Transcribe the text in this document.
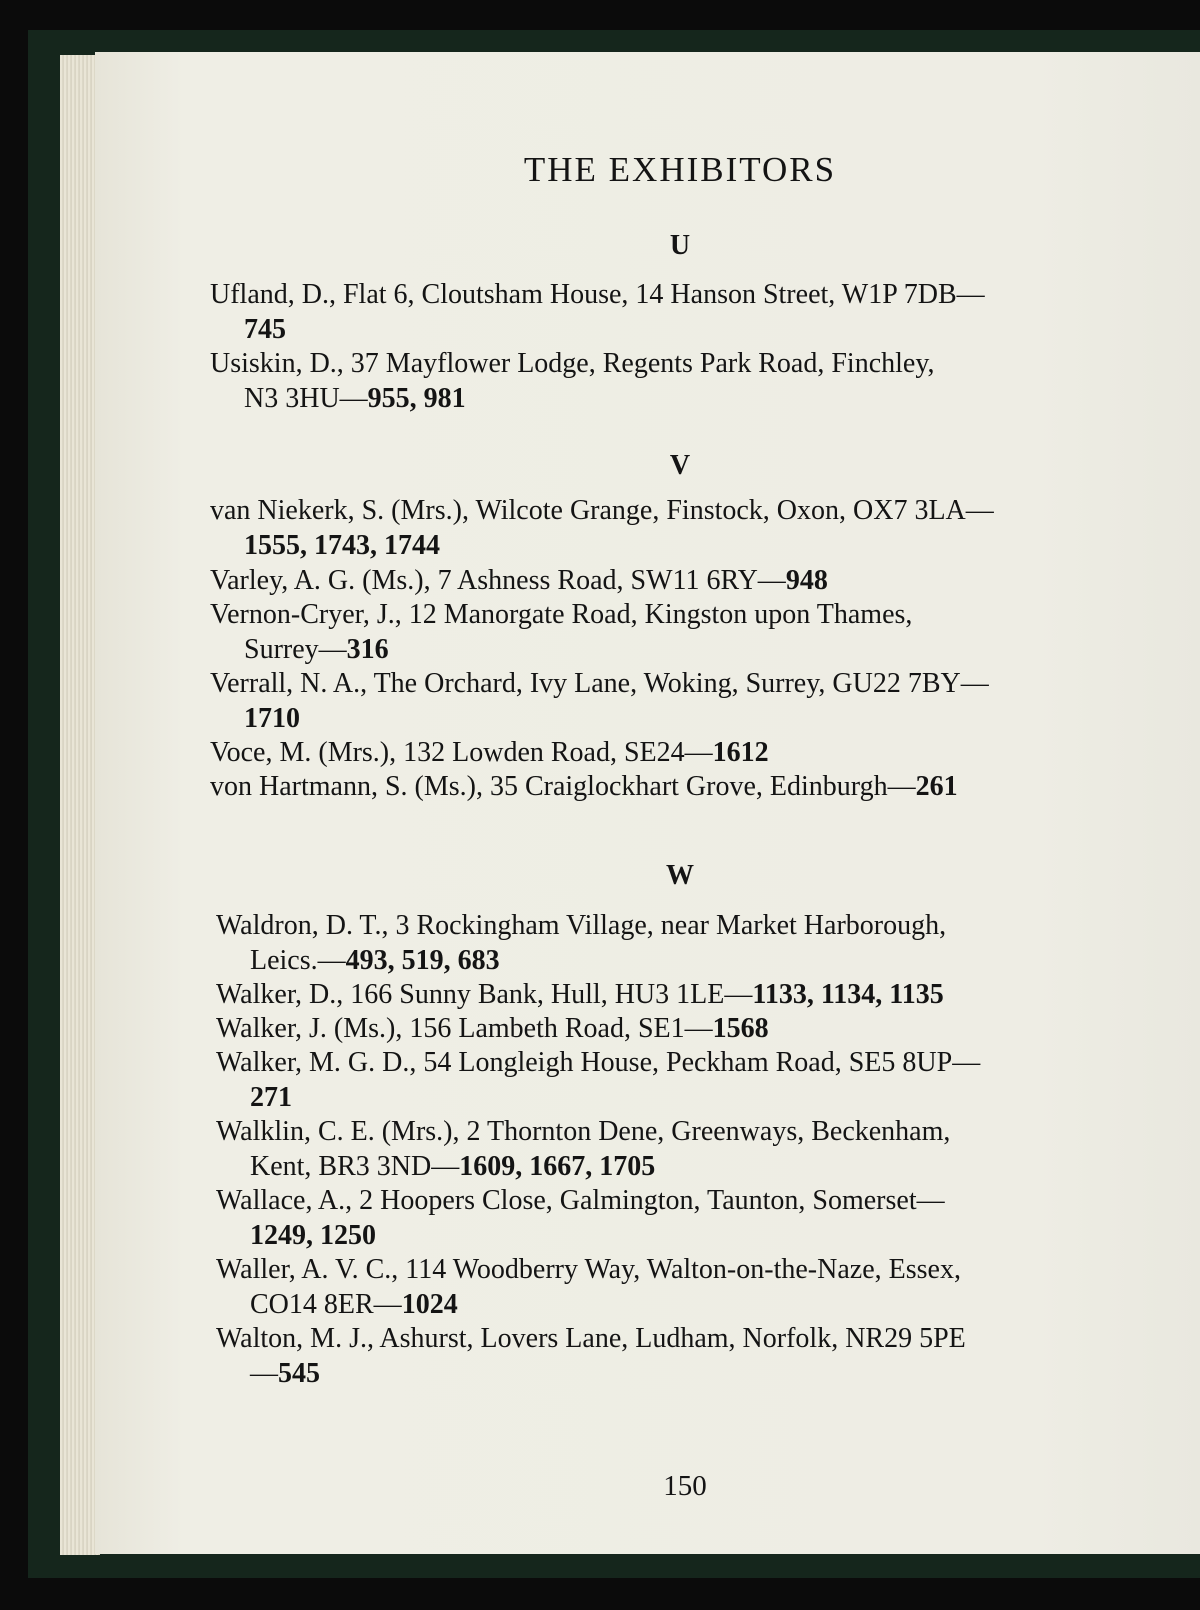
THE EXHIBITORS
U
Ufland, D., Flat 6, Cloutsham House, 14 Hanson Street, W1P 7DB—
745
Usiskin, D., 37 Mayflower Lodge, Regents Park Road, Finchley,
N3 3HU—955, 981
V
van Niekerk, S. (Mrs.), Wilcote Grange, Finstock, Oxon, OX7 3LA—
1555, 1743, 1744
Varley, A. G. (Ms.), 7 Ashness Road, SW11 6RY—948
Vernon-Cryer, J., 12 Manorgate Road, Kingston upon Thames,
Surrey—316
Verrall, N. A., The Orchard, Ivy Lane, Woking, Surrey, GU22 7BY—
1710
Voce, M. (Mrs.), 132 Lowden Road, SE24—1612
von Hartmann, S. (Ms.), 35 Craiglockhart Grove, Edinburgh—261
W
Waldron, D. T., 3 Rockingham Village, near Market Harborough,
Leics.—493, 519, 683
Walker, D., 166 Sunny Bank, Hull, HU3 1LE—1133, 1134, 1135
Walker, J. (Ms.), 156 Lambeth Road, SE1—1568
Walker, M. G. D., 54 Longleigh House, Peckham Road, SE5 8UP—
271
Walklin, C. E. (Mrs.), 2 Thornton Dene, Greenways, Beckenham,
Kent, BR3 3ND—1609, 1667, 1705
Wallace, A., 2 Hoopers Close, Galmington, Taunton, Somerset—
1249, 1250
Waller, A. V. C., 114 Woodberry Way, Walton-on-the-Naze, Essex,
CO14 8ER—1024
Walton, M. J., Ashurst, Lovers Lane, Ludham, Norfolk, NR29 5PE
—545
150
